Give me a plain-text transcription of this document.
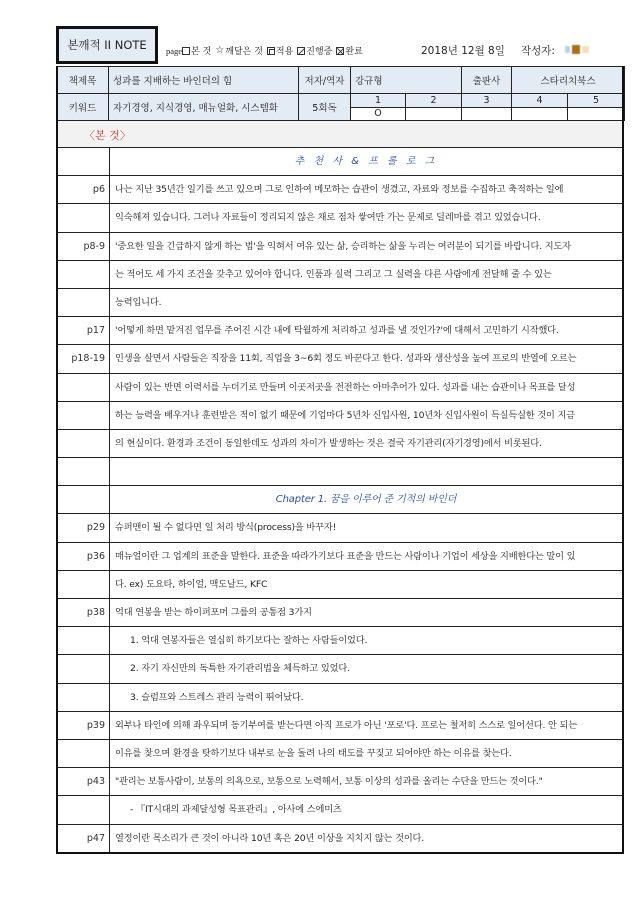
본깨적 II NOTE	page 본 것 ☆ 깨달은 것 적용 진행중 완료	2018년 12월 8일 작성자:
책제목	성과를 지배하는 바인더의 힘	저자/역자	강규형		출판사	스타리치북스	
키워드	자기경영, 지식경영, 매뉴얼화, 시스템화	5회독	1	2	3	4	5
			O				
〈본 것〉
추 천 사 & 프 롤 로 그
p6	나는 지난 35년간 일기를 쓰고 있으며 그로 인하여 메모하는 습관이 생겼고, 자료와 정보를 수집하고 축적하는 일에
익숙해져 있습니다. 그러나 자료들이 정리되지 않은 채로 점차 쌓여만 가는 문제로 딜레마를 겪고 있었습니다.
p8-9	'중요한 일을 긴급하지 않게 하는 법'을 익혀서 여유 있는 삶, 승리하는 삶을 누리는 여러분이 되기를 바랍니다. 지도자
는 적어도 세 가지 조건을 갖추고 있어야 합니다. 인품과 실력 그리고 그 실력을 다른 사람에게 전달해 줄 수 있는
능력입니다.
p17	'어떻게 하면 맡겨진 업무를 주어진 시간 내에 탁월하게 처리하고 성과를 낼 것인가?'에 대해서 고민하기 시작했다.
p18-19	인생을 살면서 사람들은 직장을 11회, 직업을 3~6회 정도 바꾼다고 한다. 성과와 생산성을 높여 프로의 반열에 오르는
사람이 있는 반면 이력서를 누더기로 만들며 이곳저곳을 전전하는 아마추어가 있다. 성과를 내는 습관이나 목표를 달성
하는 능력을 배우거나 훈련받은 적이 없기 때문에 기업마다 5년차 신입사원, 10년차 신입사원이 득실득실한 것이 지금
의 현실이다. 환경과 조건이 동일한데도 성과의 차이가 발생하는 것은 결국 자기관리(자기경영)에서 비롯된다.
Chapter 1. 꿈을 이루어 준 기적의 바인더
p29	슈퍼맨이 될 수 없다면 일 처리 방식(process)을 바꾸자!
p36	매뉴얼이란 그 업계의 표준을 말한다. 표준을 따라가기보다 표준을 만드는 사람이나 기업이 세상을 지배한다는 말이 있
다. ex) 도요타, 하이얼, 맥도날드, KFC
p38	억대 연봉을 받는 하이퍼포머 그룹의 공통점 3가지
1. 억대 연봉자들은 열심히 하기보다는 잘하는 사람들이었다.
2. 자기 자신만의 독특한 자기관리법을 체득하고 있었다.
3. 슬럼프와 스트레스 관리 능력이 뛰어났다.
p39	외부나 타인에 의해 좌우되며 동기부여를 받는다면 아직 프로가 아닌 '포로'다. 프로는 철저히 스스로 일어선다. 안 되는
이유를 찾으며 환경을 탓하기보다 내부로 눈을 돌려 나의 태도를 꾸짖고 되어야만 하는 이유를 찾는다.
p43	"관리는 보통사람이, 보통의 의욕으로, 보통으로 노력해서, 보통 이상의 성과를 올리는 수단을 만드는 것이다."
- 『IT시대의 과제달성형 목표관리』, 아사에 스에미츠
p47	열정이란 목소리가 큰 것이 아니라 10년 혹은 20년 이상을 지치지 않는 것이다.
